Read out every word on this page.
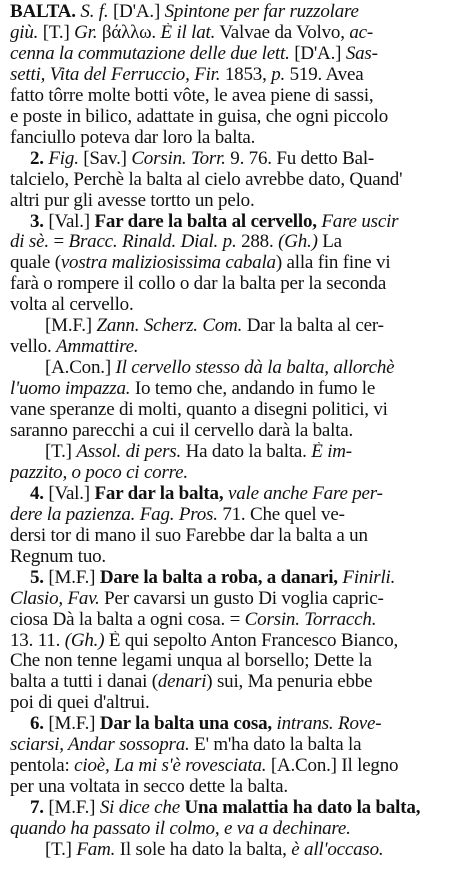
BALTA. S. f. [D'A.] Spintone per far ruzzolare
giù. [T.] Gr. βάλλω. È il lat. Valvae da Volvo, ac-
cenna la commutazione delle due lett. [D'A.] Sas-
setti, Vita del Ferruccio, Fir. 1853, p. 519. Avea
fatto tôrre molte botti vôte, le avea piene di sassi,
e poste in bilico, adattate in guisa, che ogni piccolo
fanciullo poteva dar loro la balta.
2. Fig. [Sav.] Corsin. Torr. 9. 76. Fu detto Bal-
talcielo, Perchè la balta al cielo avrebbe dato, Quand'
altri pur gli avesse tortto un pelo.
3. [Val.] Far dare la balta al cervello, Fare uscir
di sè. = Bracc. Rinald. Dial. p. 288. (Gh.) La
quale (vostra maliziosissima cabala) alla fin fine vi
farà o rompere il collo o dar la balta per la seconda
volta al cervello.
[M.F.] Zann. Scherz. Com. Dar la balta al cer-
vello. Ammattire.
[A.Con.] Il cervello stesso dà la balta, allorchè
l'uomo impazza. Io temo che, andando in fumo le
vane speranze di molti, quanto a disegni politici, vi
saranno parecchi a cui il cervello darà la balta.
[T.] Assol. di pers. Ha dato la balta. È im-
pazzito, o poco ci corre.
4. [Val.] Far dar la balta, vale anche Fare per-
dere la pazienza. Fag. Pros. 71. Che quel ve-
dersi tor di mano il suo Farebbe dar la balta a un
Regnum tuo.
5. [M.F.] Dare la balta a roba, a danari, Finirli.
Clasio, Fav. Per cavarsi un gusto Di voglia capric-
ciosa Dà la balta a ogni cosa. = Corsin. Torracch.
13. 11. (Gh.) È qui sepolto Anton Francesco Bianco,
Che non tenne legami unqua al borsello; Dette la
balta a tutti i danai (denari) sui, Ma penuria ebbe
poi di quei d'altrui.
6. [M.F.] Dar la balta una cosa, intrans. Rove-
sciarsi, Andar sossopra. E' m'ha dato la balta la
pentola: cioè, La mi s'è rovesciata. [A.Con.] Il legno
per una voltata in secco dette la balta.
7. [M.F.] Si dice che Una malattia ha dato la balta,
quando ha passato il colmo, e va a dechinare.
[T.] Fam. Il sole ha dato la balta, è all'occaso.
